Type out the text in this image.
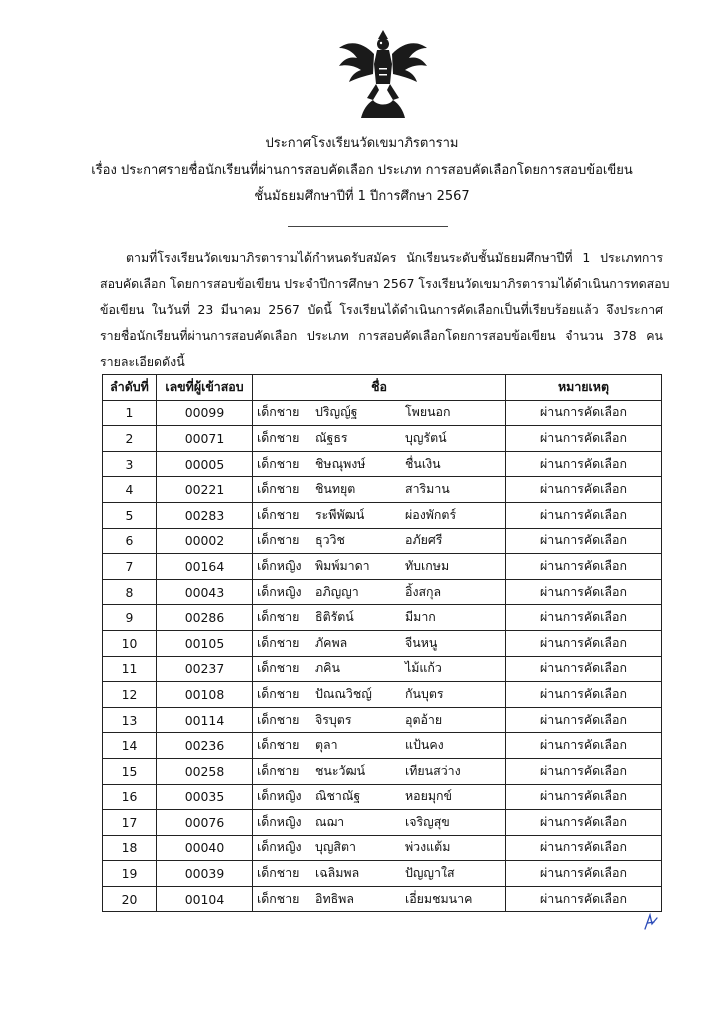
ประกาศโรงเรียนวัดเขมาภิรตาราม
เรื่อง ประกาศรายชื่อนักเรียนที่ผ่านการสอบคัดเลือก ประเภท การสอบคัดเลือกโดยการสอบข้อเขียน
ชั้นมัธยมศึกษาปีที่ 1 ปีการศึกษา 2567
ตามที่โรงเรียนวัดเขมาภิรตารามได้กำหนดรับสมัคร นักเรียนระดับชั้นมัธยมศึกษาปีที่ 1 ประเภทการ
สอบคัดเลือก โดยการสอบข้อเขียน ประจำปีการศึกษา 2567 โรงเรียนวัดเขมาภิรตารามได้ดำเนินการทดสอบ
ข้อเขียน ในวันที่ 23 มีนาคม 2567 บัดนี้ โรงเรียนได้ดำเนินการคัดเลือกเป็นที่เรียบร้อยแล้ว จึงประกาศ
รายชื่อนักเรียนที่ผ่านการสอบคัดเลือก ประเภท การสอบคัดเลือกโดยการสอบข้อเขียน จำนวน 378 คน
รายละเอียดดังนี้
ลำดับที่	เลขที่ผู้เข้าสอบ	ชื่อ	หมายเหตุ
1	00099	เด็กชาย ปริญญ์ฐ โพยนอก	ผ่านการคัดเลือก
2	00071	เด็กชาย ณัฐธร บุญรัตน์	ผ่านการคัดเลือก
3	00005	เด็กชาย ชิษณุพงษ์ ชื่นเงิน	ผ่านการคัดเลือก
4	00221	เด็กชาย ชินทยุต สาริมาน	ผ่านการคัดเลือก
5	00283	เด็กชาย ระพีพัฒน์ ผ่องพักตร์	ผ่านการคัดเลือก
6	00002	เด็กชาย ธุววิช อภัยศรี	ผ่านการคัดเลือก
7	00164	เด็กหญิง พิมพ์มาดา ทับเกษม	ผ่านการคัดเลือก
8	00043	เด็กหญิง อภิญญา อิ้งสกุล	ผ่านการคัดเลือก
9	00286	เด็กชาย ธิติรัตน์ มีมาก	ผ่านการคัดเลือก
10	00105	เด็กชาย ภัคพล จีนหนู	ผ่านการคัดเลือก
11	00237	เด็กชาย ภคิน ไม้แก้ว	ผ่านการคัดเลือก
12	00108	เด็กชาย ปัณณวิชญ์ กันบุตร	ผ่านการคัดเลือก
13	00114	เด็กชาย จิรบุตร อุตอ้าย	ผ่านการคัดเลือก
14	00236	เด็กชาย ตุลา แป้นคง	ผ่านการคัดเลือก
15	00258	เด็กชาย ชนะวัฒน์ เทียนสว่าง	ผ่านการคัดเลือก
16	00035	เด็กหญิง ณิชาณัฐ หอยมุกข์	ผ่านการคัดเลือก
17	00076	เด็กหญิง ณฌา เจริญสุข	ผ่านการคัดเลือก
18	00040	เด็กหญิง บุญสิตา พ่วงแต้ม	ผ่านการคัดเลือก
19	00039	เด็กชาย เฉลิมพล ปัญญาใส	ผ่านการคัดเลือก
20	00104	เด็กชาย อิทธิพล เอี่ยมชมนาค	ผ่านการคัดเลือก
